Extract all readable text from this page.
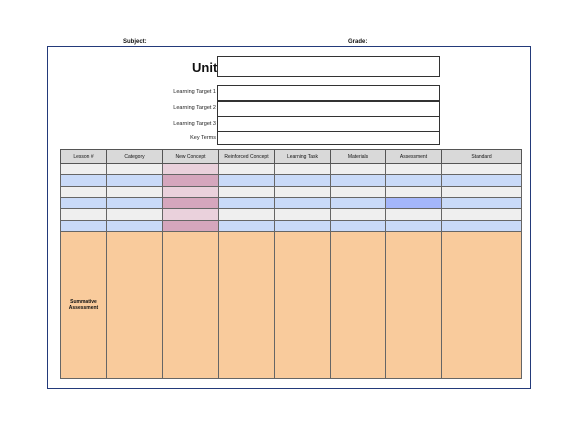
Subject:	Grade:
Unit
Learning Target 1
Learning Target 2
Learning Target 3
Key Terms
Lesson #	Category	New Concept	Reinforced Concept	Learning Task	Materials	Assessment	Standard

Summative Assessment							
